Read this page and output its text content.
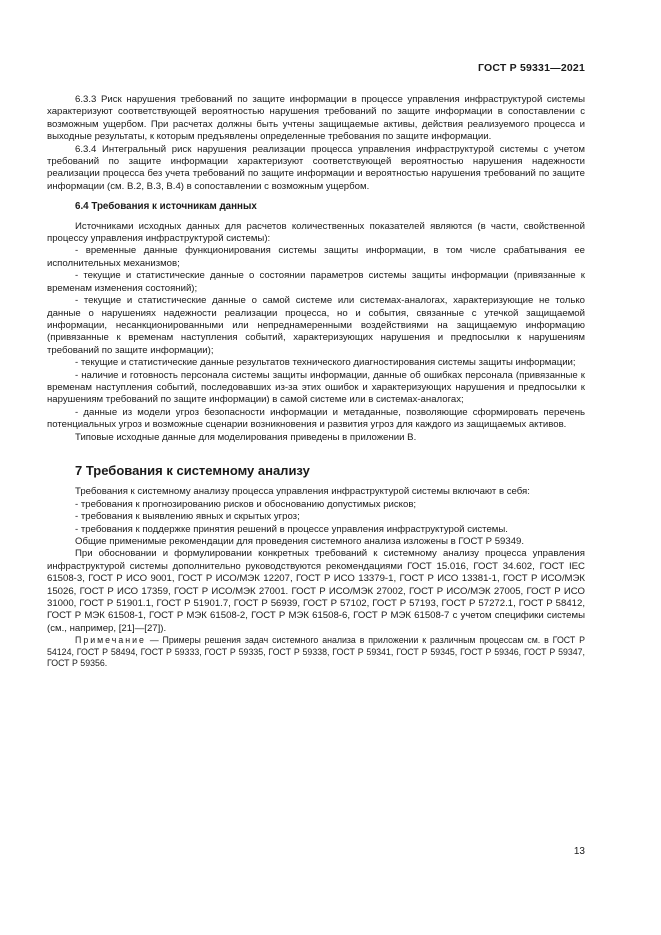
ГОСТ Р 59331—2021

6.3.3 Риск нарушения требований по защите информации в процессе управления инфраструктурой системы характеризуют соответствующей вероятностью нарушения требований по защите информации в сопоставлении с возможным ущербом. При расчетах должны быть учтены защищаемые активы, действия реализуемого процесса и выходные результаты, к которым предъявлены определенные требования по защите информации.

6.3.4 Интегральный риск нарушения реализации процесса управления инфраструктурой системы с учетом требований по защите информации характеризуют соответствующей вероятностью нарушения надежности реализации процесса без учета требований по защите информации и вероятностью нарушения требований по защите информации (см. В.2, В.3, В.4) в сопоставлении с возможным ущербом.

6.4 Требования к источникам данных

Источниками исходных данных для расчетов количественных показателей являются (в части, свойственной процессу управления инфраструктурой системы):

- временные данные функционирования системы защиты информации, в том числе срабатывания ее исполнительных механизмов;

- текущие и статистические данные о состоянии параметров системы защиты информации (привязанные к временам изменения состояний);

- текущие и статистические данные о самой системе или системах-аналогах, характеризующие не только данные о нарушениях надежности реализации процесса, но и события, связанные с утечкой защищаемой информации, несанкционированными или непреднамеренными воздействиями на защищаемую информацию (привязанные к временам наступления событий, характеризующих нарушения и предпосылки к нарушениям требований по защите информации);

- текущие и статистические данные результатов технического диагностирования системы защиты информации;

- наличие и готовность персонала системы защиты информации, данные об ошибках персонала (привязанные к временам наступления событий, последовавших из-за этих ошибок и характеризующих нарушения и предпосылки к нарушениям требований по защите информации) в самой системе или в системах-аналогах;

- данные из модели угроз безопасности информации и метаданные, позволяющие сформировать перечень потенциальных угроз и возможные сценарии возникновения и развития угроз для каждого из защищаемых активов.

Типовые исходные данные для моделирования приведены в приложении В.

7 Требования к системному анализу

Требования к системному анализу процесса управления инфраструктурой системы включают в себя:

- требования к прогнозированию рисков и обоснованию допустимых рисков;

- требования к выявлению явных и скрытых угроз;

- требования к поддержке принятия решений в процессе управления инфраструктурой системы.

Общие применимые рекомендации для проведения системного анализа изложены в ГОСТ Р 59349.

При обосновании и формулировании конкретных требований к системному анализу процесса управления инфраструктурой системы дополнительно руководствуются рекомендациями ГОСТ 15.016, ГОСТ 34.602, ГОСТ IEC 61508-3, ГОСТ Р ИСО 9001, ГОСТ Р ИСО/МЭК 12207, ГОСТ Р ИСО 13379-1, ГОСТ Р ИСО 13381-1, ГОСТ Р ИСО/МЭК 15026, ГОСТ Р ИСО 17359, ГОСТ Р ИСО/МЭК 27001. ГОСТ Р ИСО/МЭК 27002, ГОСТ Р ИСО/МЭК 27005, ГОСТ Р ИСО 31000, ГОСТ Р 51901.1, ГОСТ Р 51901.7, ГОСТ Р 56939, ГОСТ Р 57102, ГОСТ Р 57193, ГОСТ Р 57272.1, ГОСТ Р 58412, ГОСТ Р МЭК 61508-1, ГОСТ Р МЭК 61508-2, ГОСТ Р МЭК 61508-6, ГОСТ Р МЭК 61508-7 с учетом специфики системы (см., например, [21]—[27]).

Примечание — Примеры решения задач системного анализа в приложении к различным процессам см. в ГОСТ Р 54124, ГОСТ Р 58494, ГОСТ Р 59333, ГОСТ Р 59335, ГОСТ Р 59338, ГОСТ Р 59341, ГОСТ Р 59345, ГОСТ Р 59346, ГОСТ Р 59347, ГОСТ Р 59356.

13
